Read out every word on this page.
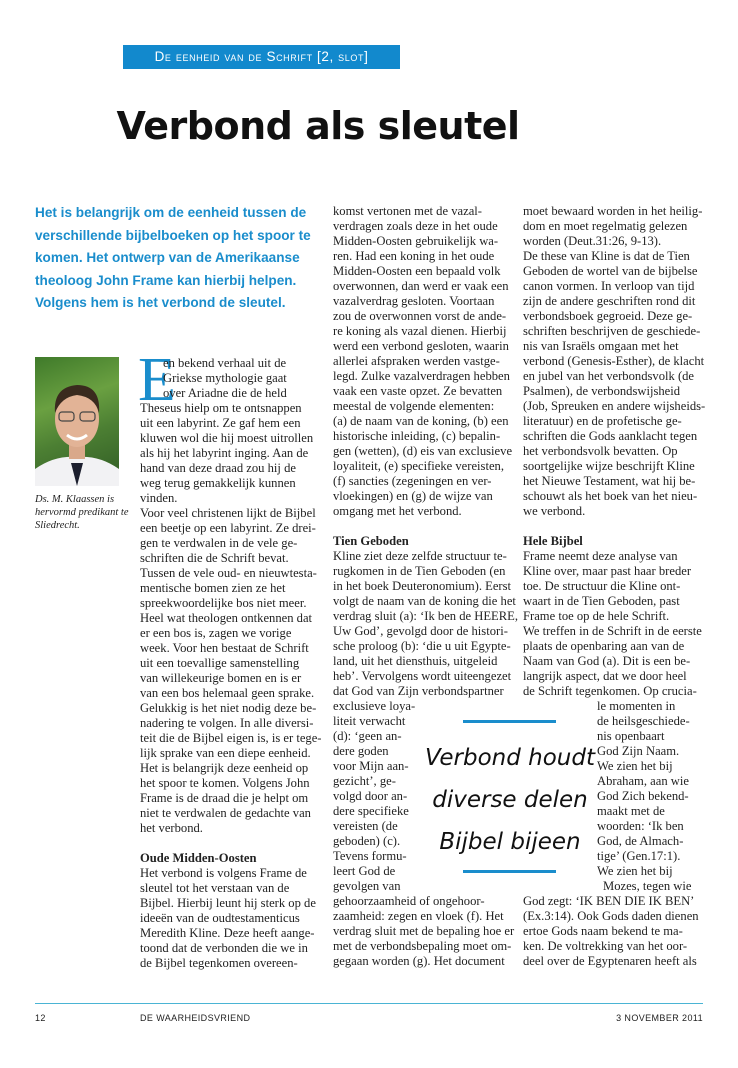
De eenheid van de Schrift [2, slot]
Verbond als sleutel
Het is belangrijk om de eenheid tussen de
verschillende bijbelboeken op het spoor te
komen. Het ontwerp van de Amerikaanse
theoloog John Frame kan hierbij helpen.
Volgens hem is het verbond de sleutel.
Ds. M. Klaassen is
hervormd predikant te
Sliedrecht.
E
en bekend verhaal uit de
Griekse mythologie gaat
over Ariadne die de held
Theseus hielp om te ontsnappen
uit een labyrint. Ze gaf hem een
kluwen wol die hij moest uitrollen
als hij het labyrint inging. Aan de
hand van deze draad zou hij de
weg terug gemakkelijk kunnen
vinden.
Voor veel christenen lijkt de Bijbel
een beetje op een labyrint. Ze drei-
gen te verdwalen in de vele ge-
schriften die de Schrift bevat.
Tussen de vele oud- en nieuwtesta-
mentische bomen zien ze het
spreekwoordelijke bos niet meer.
Heel wat theologen ontkennen dat
er een bos is, zagen we vorige
week. Voor hen bestaat de Schrift
uit een toevallige samenstelling
van willekeurige bomen en is er
van een bos helemaal geen sprake.
Gelukkig is het niet nodig deze be-
nadering te volgen. In alle diversi-
teit die de Bijbel eigen is, is er tege-
lijk sprake van een diepe eenheid.
Het is belangrijk deze eenheid op
het spoor te komen. Volgens John
Frame is de draad die je helpt om
niet te verdwalen de gedachte van
het verbond.
Oude Midden-Oosten
Het verbond is volgens Frame de
sleutel tot het verstaan van de
Bijbel. Hierbij leunt hij sterk op de
ideeën van de oudtestamenticus
Meredith Kline. Deze heeft aange-
toond dat de verbonden die we in
de Bijbel tegenkomen overeen-
komst vertonen met de vazal-
verdragen zoals deze in het oude
Midden-Oosten gebruikelijk wa-
ren. Had een koning in het oude
Midden-Oosten een bepaald volk
overwonnen, dan werd er vaak een
vazalverdrag gesloten. Voortaan
zou de overwonnen vorst de ande-
re koning als vazal dienen. Hierbij
werd een verbond gesloten, waarin
allerlei afspraken werden vastge-
legd. Zulke vazalverdragen hebben
vaak een vaste opzet. Ze bevatten
meestal de volgende elementen:
(a) de naam van de koning, (b) een
historische inleiding, (c) bepalin-
gen (wetten), (d) eis van exclusieve
loyaliteit, (e) specifieke vereisten,
(f) sancties (zegeningen en ver-
vloekingen) en (g) de wijze van
omgang met het verbond.
Tien Geboden
Kline ziet deze zelfde structuur te-
rugkomen in de Tien Geboden (en
in het boek Deuteronomium). Eerst
volgt de naam van de koning die het
verdrag sluit (a): ‘Ik ben de HEERE,
Uw God’, gevolgd door de histori-
sche proloog (b): ‘die u uit Egypte-
land, uit het diensthuis, uitgeleid
heb’. Vervolgens wordt uiteengezet
dat God van Zijn verbondspartner
exclusieve loya-
liteit verwacht
(d): ‘geen an-
dere goden
voor Mijn aan-
gezicht’, ge-
volgd door an-
dere specifieke
vereisten (de
geboden) (c).
Tevens formu-
leert God de
gevolgen van
gehoorzaamheid of ongehoor-
zaamheid: zegen en vloek (f). Het
verdrag sluit met de bepaling hoe er
met de verbondsbepaling moet om-
gegaan worden (g). Het document
moet bewaard worden in het heilig-
dom en moet regelmatig gelezen
worden (Deut.31:26, 9-13).
De these van Kline is dat de Tien
Geboden de wortel van de bijbelse
canon vormen. In verloop van tijd
zijn de andere geschriften rond dit
verbondsboek gegroeid. Deze ge-
schriften beschrijven de geschiede-
nis van Israëls omgaan met het
verbond (Genesis-Esther), de klacht
en jubel van het verbondsvolk (de
Psalmen), de verbondswijsheid
(Job, Spreuken en andere wijsheids-
literatuur) en de profetische ge-
schriften die Gods aanklacht tegen
het verbondsvolk bevatten. Op
soortgelijke wijze beschrijft Kline
het Nieuwe Testament, wat hij be-
schouwt als het boek van het nieu-
we verbond.
Hele Bijbel
Frame neemt deze analyse van
Kline over, maar past haar breder
toe. De structuur die Kline ont-
waart in de Tien Geboden, past
Frame toe op de hele Schrift.
We treffen in de Schrift in de eerste
plaats de openbaring aan van de
Naam van God (a). Dit is een be-
langrijk aspect, dat we door heel
de Schrift tegenkomen. Op crucia-
le momenten in
de heilsgeschiede-
nis openbaart
God Zijn Naam.
We zien het bij
Abraham, aan wie
God Zich bekend-
maakt met de
woorden: ‘Ik ben
God, de Almach-
tige’ (Gen.17:1).
We zien het bij
Mozes, tegen wie
God zegt: ‘IK BEN DIE IK BEN’
(Ex.3:14). Ook Gods daden dienen
ertoe Gods naam bekend te ma-
ken. De voltrekking van het oor-
deel over de Egyptenaren heeft als
Verbond houdt
diverse delen
Bijbel bijeen
12	DE WAARHEIDSVRIEND	3 NOVEMBER 2011
